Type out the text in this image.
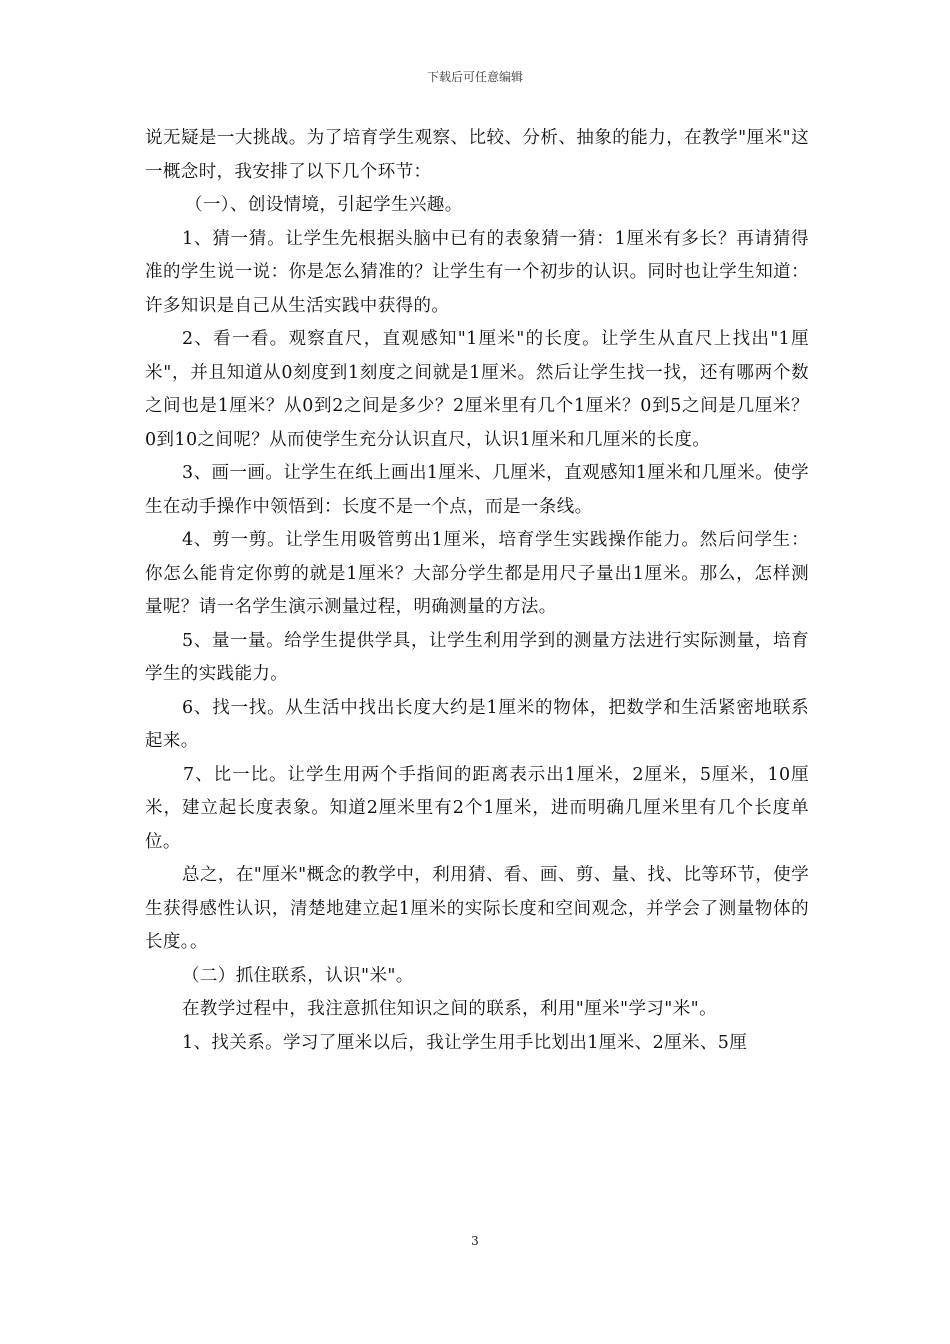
下载后可任意编辑

说无疑是一大挑战。为了培育学生观察、比较、分析、抽象的能力，在教学"厘米"这一概念时，我安排了以下几个环节：

（一）、创设情境，引起学生兴趣。

1、猜一猜。让学生先根据头脑中已有的表象猜一猜：1厘米有多长？再请猜得准的学生说一说：你是怎么猜准的？让学生有一个初步的认识。同时也让学生知道：许多知识是自己从生活实践中获得的。

2、看一看。观察直尺，直观感知"1厘米"的长度。让学生从直尺上找出"1厘米"，并且知道从0刻度到1刻度之间就是1厘米。然后让学生找一找，还有哪两个数之间也是1厘米？从0到2之间是多少？2厘米里有几个1厘米？0到5之间是几厘米？0到10之间呢？从而使学生充分认识直尺，认识1厘米和几厘米的长度。

3、画一画。让学生在纸上画出1厘米、几厘米，直观感知1厘米和几厘米。使学生在动手操作中领悟到：长度不是一个点，而是一条线。

4、剪一剪。让学生用吸管剪出1厘米，培育学生实践操作能力。然后问学生：你怎么能肯定你剪的就是1厘米？大部分学生都是用尺子量出1厘米。那么，怎样测量呢？请一名学生演示测量过程，明确测量的方法。

5、量一量。给学生提供学具，让学生利用学到的测量方法进行实际测量，培育学生的实践能力。

6、找一找。从生活中找出长度大约是1厘米的物体，把数学和生活紧密地联系起来。

7、比一比。让学生用两个手指间的距离表示出1厘米，2厘米，5厘米，10厘米，建立起长度表象。知道2厘米里有2个1厘米，进而明确几厘米里有几个长度单位。

总之，在"厘米"概念的教学中，利用猜、看、画、剪、量、找、比等环节，使学生获得感性认识，清楚地建立起1厘米的实际长度和空间观念，并学会了测量物体的长度。。

（二）抓住联系，认识"米"。

在教学过程中，我注意抓住知识之间的联系，利用"厘米"学习"米"。

1、找关系。学习了厘米以后，我让学生用手比划出1厘米、2厘米、5厘

3
